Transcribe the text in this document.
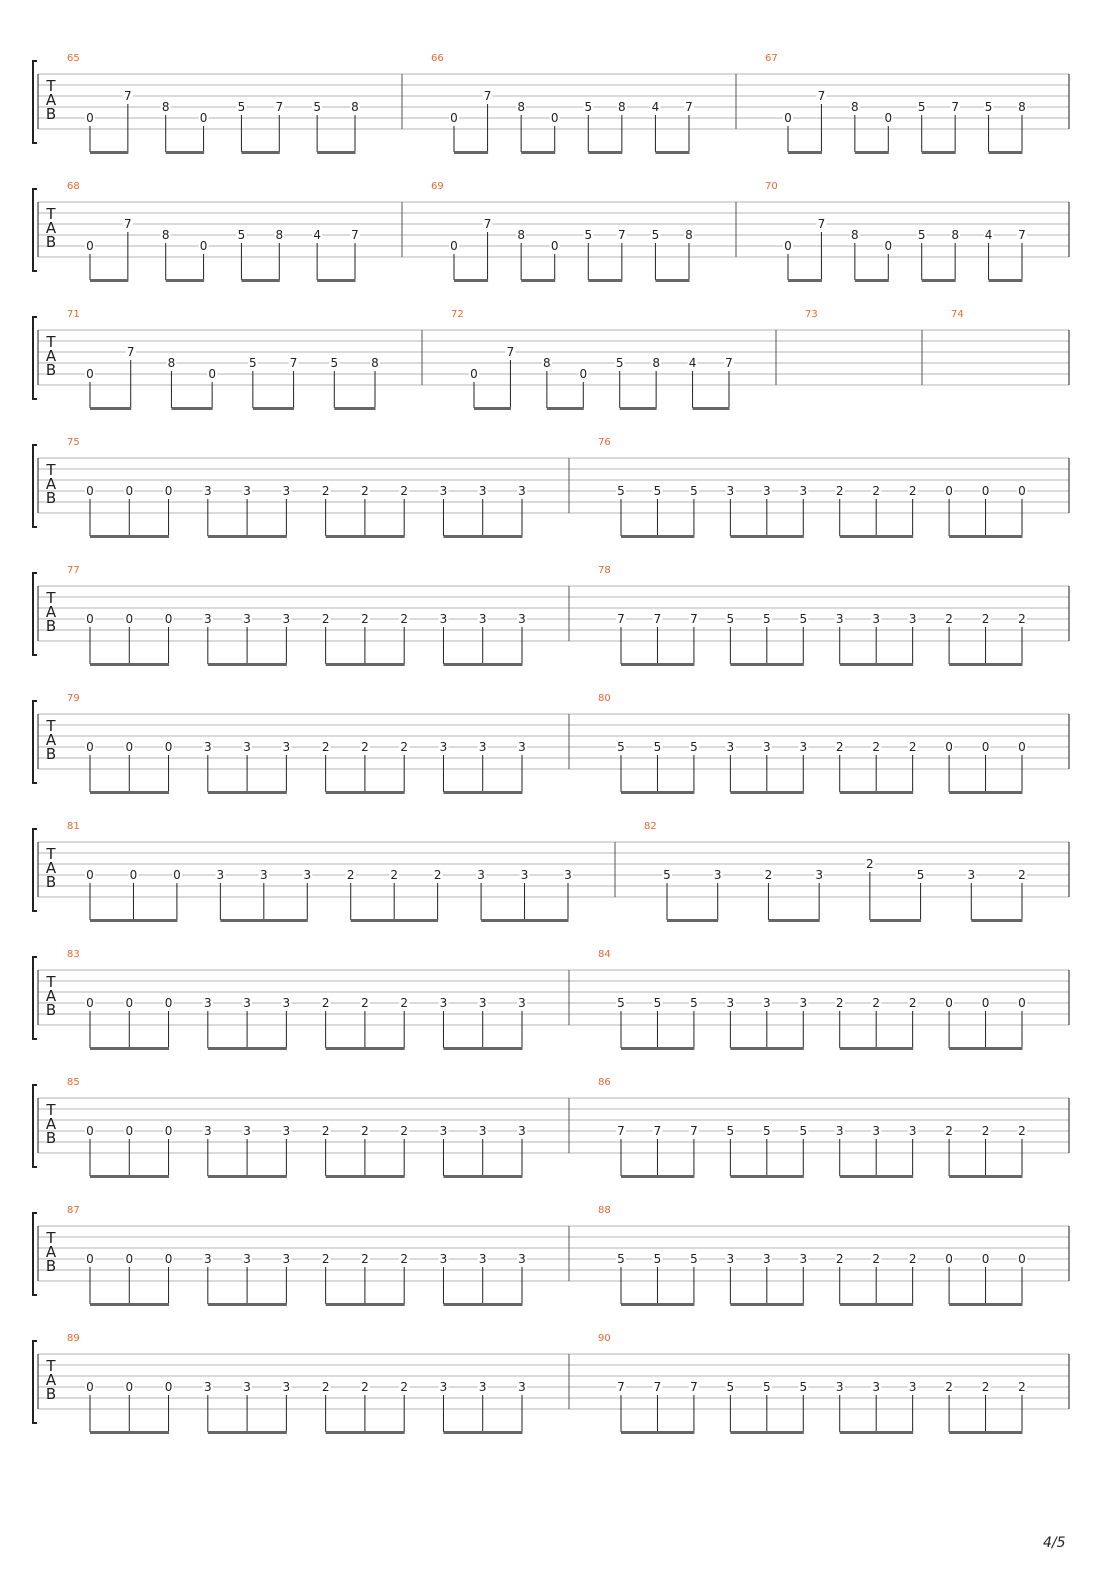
T
A
B
65
0
7
8
0
5	7	5	8
66
0
7
8
0
5 8 4 7
67
0
7
8
0
5 7 5 8
T
A
B
68
0
7
8
0
5	8	4	7
69
0
7
8
0
5 7 5 8
70
0
7
8
0
5 8 4 7
T
A
B
71
0
7
8
0
5	7	5	8
72
0
7
8
0
5 8 4 7
73	74
T
A
B
75
0	0	0	3	3	3	2	2	2	3	3	3
76
5 5 5 3 3 3 2 2 2 0 0 0
T
A
B
77
0	0	0	3	3	3	2	2	2	3	3	3
78
7 7 7 5 5 5 3 3 3 2 2 2
T
A
B
79
0	0	0	3	3	3	2	2	2	3	3	3
80
5 5 5 3 3 3 2 2 2 0 0 0
T
A
B
81
0	0	0	3	3	3	2	2	2	3	3	3
82
5	3	2	3
2
5	3	2
T
A
B
83
0	0	0	3	3	3	2	2	2	3	3	3
84
5 5 5 3 3 3 2 2 2 0 0 0
T
A
B
85
0	0	0	3	3	3	2	2	2	3	3	3
86
7 7 7 5 5 5 3 3 3 2 2 2
T
A
B
87
0	0	0	3	3	3	2	2	2	3	3	3
88
5 5 5 3 3 3 2 2 2 0 0 0
T
A
B
89
0	0	0	3	3	3	2	2	2	3	3	3
90
7 7 7 5 5 5 3 3 3 2 2 2
4/5
